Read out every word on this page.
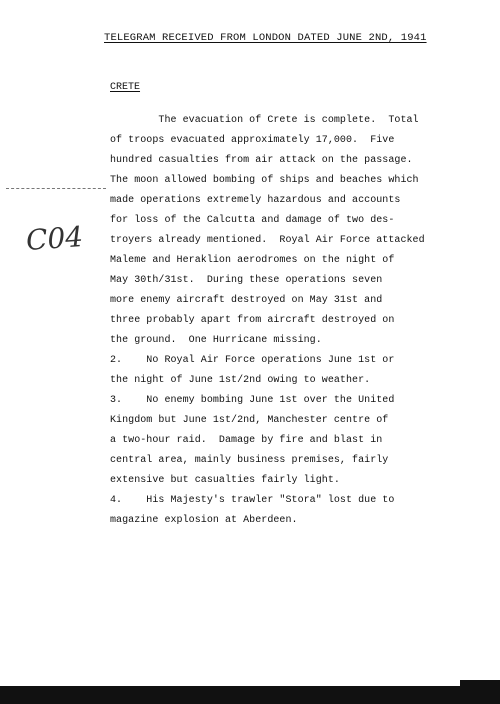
TELEGRAM RECEIVED FROM LONDON DATED JUNE 2ND, 1941
CRETE
The evacuation of Crete is complete.  Total
of troops evacuated approximately 17,000.  Five
hundred casualties from air attack on the passage.
The moon allowed bombing of ships and beaches which
made operations extremely hazardous and accounts
for loss of the Calcutta and damage of two des-
troyers already mentioned.  Royal Air Force attacked
Maleme and Heraklion aerodromes on the night of
May 30th/31st.  During these operations seven
more enemy aircraft destroyed on May 31st and
three probably apart from aircraft destroyed on
the ground.  One Hurricane missing.
2.    No Royal Air Force operations June 1st or
the night of June 1st/2nd owing to weather.
3.    No enemy bombing June 1st over the United
Kingdom but June 1st/2nd, Manchester centre of
a two-hour raid.  Damage by fire and blast in
central area, mainly business premises, fairly
extensive but casualties fairly light.
4.    His Majesty's trawler "Stora" lost due to
magazine explosion at Aberdeen.
C04
